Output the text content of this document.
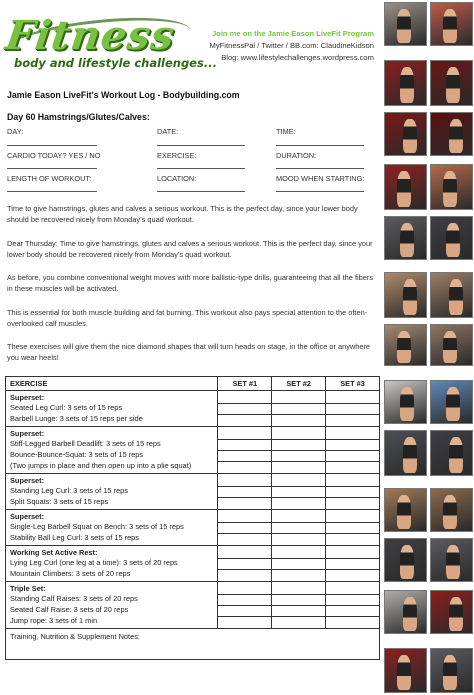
Fitness
body and lifestyle challenges...
Join me on the Jamie Eason LiveFit Program
MyFitnessPal / Twitter / BB.com: ClaudineKidson
Blog: www.lifestylechallenges.wordpress.com
Jamie Eason LiveFit's Workout Log - Bodybuilding.com
Day 60 Hamstrings/Glutes/Calves:
DAY:	DATE:	TIME:
CARDIO TODAY? YES / NO	EXERCISE:	DURATION:
LENGTH OF WORKOUT:	LOCATION:	MOOD WHEN STARTING:
Time to give hamstrings, glutes and calves a serious workout. This is the perfect day, since your lower body should be recovered nicely from Monday’s quad workout.
Dear Thursday: Time to give hamstrings, glutes and calves a serious workout. This is the perfect day, since your lower body should be recovered nicely from Monday’s quad workout.
As before, you combine conventional weight moves with more ballistic-type drills, guaranteeing that all the fibers in these muscles will be activated.
This is essential for both muscle building and fat burning. This workout also pays special attention to the often-overlooked calf muscles.
These exercises will give them the nice diamond shapes that will turn heads on stage, in the office or anywhere you wear heels!
EXERCISE	SET #1	SET #2	SET #3

Superset:
Seated Leg Curl: 3 sets of 15 reps
Barbell Lunge: 3 sets of 15 reps per side			

Superset:
Stiff-Legged Barbell Deadlift: 3 sets of 15 reps
Bounce-Bounce-Squat: 3 sets of 15 reps
(Two jumps in place and then open up into a plie squat)			

Superset:
Standing Leg Curl: 3 sets of 15 reps
Split Squats: 3 sets of 15 reps			

Superset:
Single-Leg Barbell Squat on Bench: 3 sets of 15 reps
Stability Ball Leg Curl: 3 sets of 15 reps			

Working Set Active Rest:
Lying Leg Curl (one leg at a time): 3 sets of 20 reps
Mountain Climbers: 3 sets of 20 reps			

Triple Set:
Standing Calf Raises: 3 sets of 20 reps
Seated Calf Raise: 3 sets of 20 reps
Jump rope: 3 sets of 1 min			

Training, Nutrition & Supplement Notes:			
